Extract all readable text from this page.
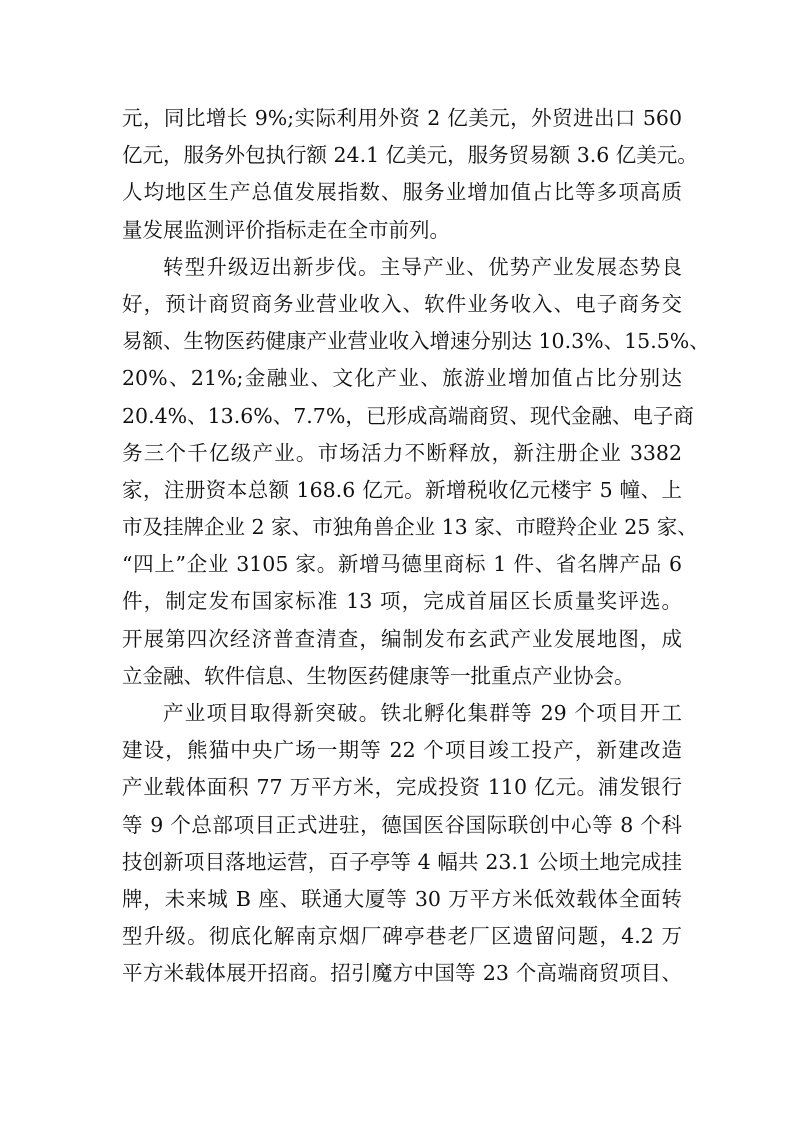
元，同比增长 9%;实际利用外资 2 亿美元，外贸进出口 560
亿元，服务外包执行额 24.1 亿美元，服务贸易额 3.6 亿美元。
人均地区生产总值发展指数、服务业增加值占比等多项高质
量发展监测评价指标走在全市前列。
转型升级迈出新步伐。主导产业、优势产业发展态势良
好，预计商贸商务业营业收入、软件业务收入、电子商务交
易额、生物医药健康产业营业收入增速分别达 10.3%、15.5%、
20%、21%;金融业、文化产业、旅游业增加值占比分别达
20.4%、13.6%、7.7%，已形成高端商贸、现代金融、电子商
务三个千亿级产业。市场活力不断释放，新注册企业 3382
家，注册资本总额 168.6 亿元。新增税收亿元楼宇 5 幢、上
市及挂牌企业 2 家、市独角兽企业 13 家、市瞪羚企业 25 家、
“四上”企业 3105 家。新增马德里商标 1 件、省名牌产品 6
件，制定发布国家标准 13 项，完成首届区长质量奖评选。
开展第四次经济普查清查，编制发布玄武产业发展地图，成
立金融、软件信息、生物医药健康等一批重点产业协会。
产业项目取得新突破。铁北孵化集群等 29 个项目开工
建设，熊猫中央广场一期等 22 个项目竣工投产，新建改造
产业载体面积 77 万平方米，完成投资 110 亿元。浦发银行
等 9 个总部项目正式进驻，德国医谷国际联创中心等 8 个科
技创新项目落地运营，百子亭等 4 幅共 23.1 公顷土地完成挂
牌，未来城 B 座、联通大厦等 30 万平方米低效载体全面转
型升级。彻底化解南京烟厂碑亭巷老厂区遗留问题，4.2 万
平方米载体展开招商。招引魔方中国等 23 个高端商贸项目、
